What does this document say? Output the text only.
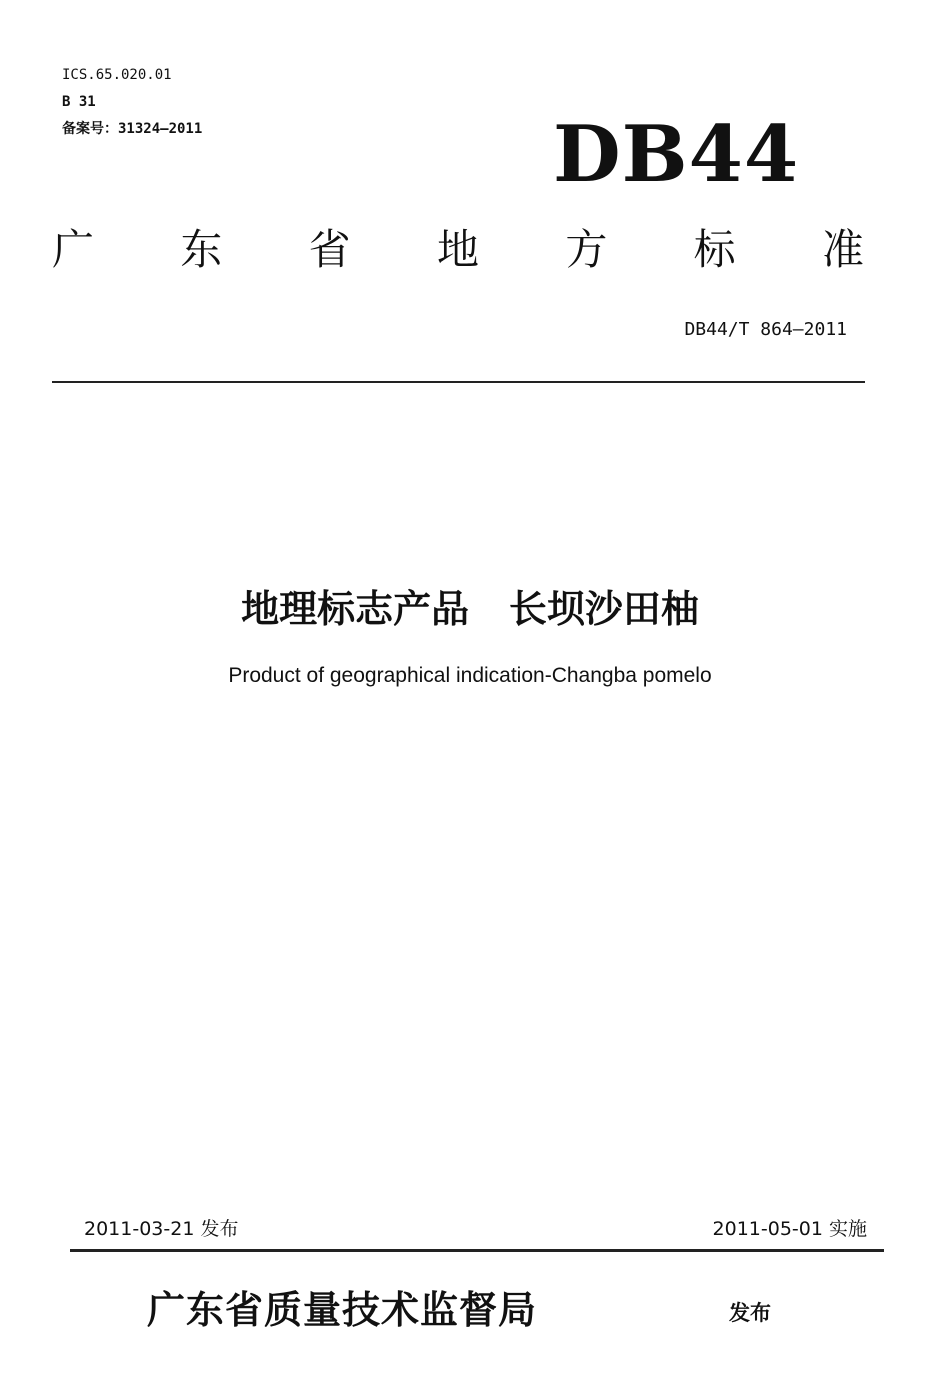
ICS.65.020.01
B 31
备案号：31324—2011	DB44
广 东 省 地 方 标 准
DB44/T 864—2011
地理标志产品   长坝沙田柚
Product of geographical indication-Changba pomelo
2011-03-21 发布	2011-05-01 实施
广东省质量技术监督局	发布
